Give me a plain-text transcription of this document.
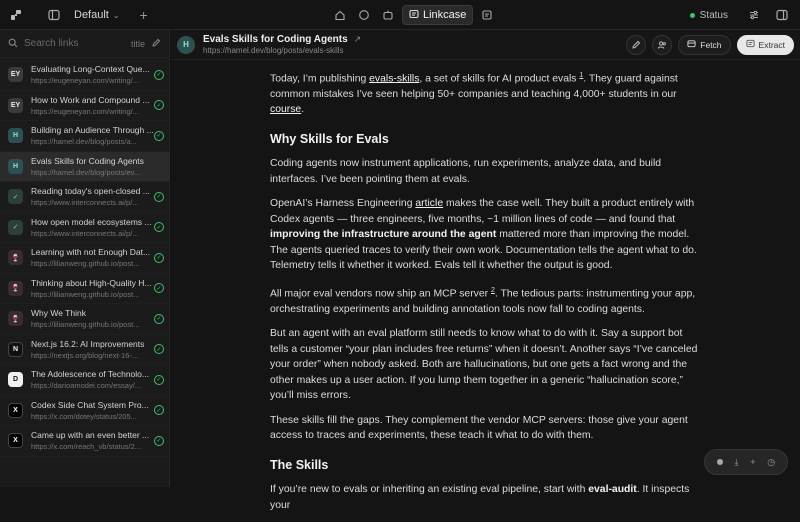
Default ⌄	+	Linkcase	Status
Search links
title
EY
Evaluating Long-Context Que...
https://eugeneyan.com/writing/...
✓
EY
How to Work and Compound ...
https://eugeneyan.com/writing/...
✓
H
Building an Audience Through ...
https://hamel.dev/blog/posts/a...
✓
H
Evals Skills for Coding Agents
https://hamel.dev/blog/posts/ev...
✓
Reading today's open-closed ...
https://www.interconnects.ai/p/...
✓
✓
How open model ecosystems ...
https://www.interconnects.ai/p/...
✓
🍷
Learning with not Enough Dat...
https://lilianweng.github.io/post...
✓
🍷
Thinking about High-Quality H...
https://lilianweng.github.io/post...
✓
🍷
Why We Think
https://lilianweng.github.io/post...
✓
N
Next.js 16.2: AI Improvements
https://nextjs.org/blog/next-16-...
✓
D
The Adolescence of Technolo...
https://darioamodei.com/essay/...
✓
X
Codex Side Chat System Pro...
https://x.com/dotey/status/205...
✓
X
Came up with an even better ...
https://x.com/reach_vb/status/2...
✓
H	Evals Skills for Coding Agents ↗
https://hamel.dev/blog/posts/evals-skills
Fetch	Extract

Today, I’m publishing evals-skills, a set of skills for AI product evals $^1$. They guard against common mistakes I’ve seen helping 50+ companies and teaching 4,000+ students in our course.

Why Skills for Evals

Coding agents now instrument applications, run experiments, analyze data, and build interfaces. I’ve been pointing them at evals.

OpenAI’s Harness Engineering article makes the case well. They built a product entirely with Codex agents — three engineers, five months, ~1 million lines of code — and found that improving the infrastructure around the agent mattered more than improving the model. The agents queried traces to verify their own work. Documentation tells the agent what to do. Telemetry tells it whether it worked. Evals tell it whether the output is good.

All major eval vendors now ship an MCP server $^2$. The tedious parts: instrumenting your app, orchestrating experiments and building annotation tools now fall to coding agents.

But an agent with an eval platform still needs to know what to do with it. Say a support bot tells a customer “your plan includes free returns” when it doesn’t. Another says “I’ve canceled your order” when nobody asked. Both are hallucinations, but one gets a fact wrong and the other makes up a user action. If you lump them together in a generic “hallucination score,” you’ll miss errors.

These skills fill the gaps. They complement the vendor MCP servers: those give your agent access to traces and experiments, these teach it what to do with them.

The Skills

If you’re new to evals or inheriting an existing eval pipeline, start with eval-audit. It inspects your

⤓ + ◷
